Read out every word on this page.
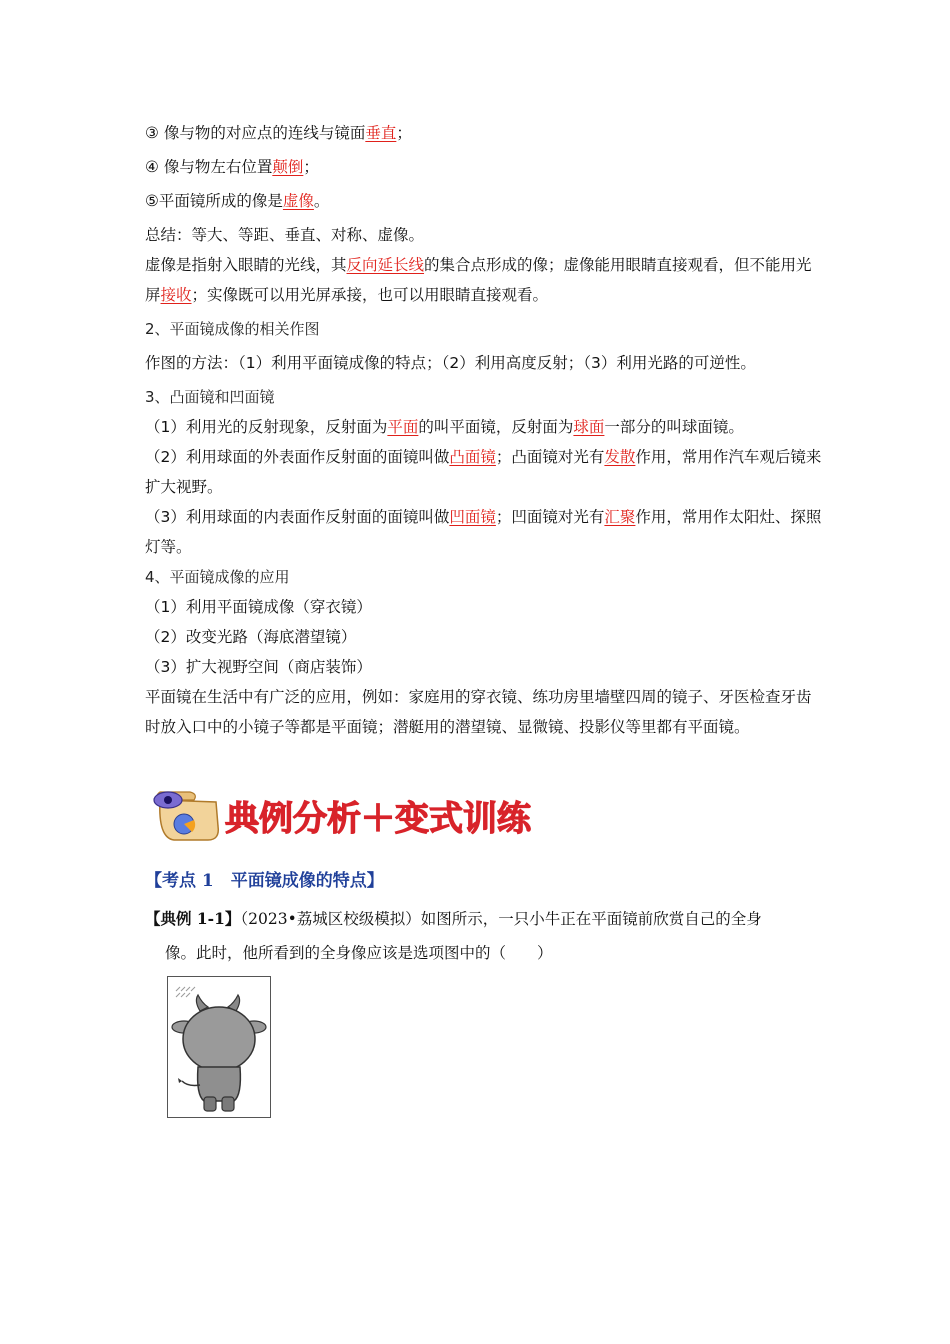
③ 像与物的对应点的连线与镜面垂直；

④ 像与物左右位置颠倒；

⑤平面镜所成的像是虚像。

总结：等大、等距、垂直、对称、虚像。

虚像是指射入眼睛的光线，其反向延长线的集合点形成的像；虚像能用眼睛直接观看，但不能用光屏接收；实像既可以用光屏承接，也可以用眼睛直接观看。

2、平面镜成像的相关作图

作图的方法：（1）利用平面镜成像的特点；（2）利用高度反射；（3）利用光路的可逆性。

3、凸面镜和凹面镜

（1）利用光的反射现象，反射面为平面的叫平面镜，反射面为球面一部分的叫球面镜。

（2）利用球面的外表面作反射面的面镜叫做凸面镜；凸面镜对光有发散作用，常用作汽车观后镜来扩大视野。

（3）利用球面的内表面作反射面的面镜叫做凹面镜；凹面镜对光有汇聚作用，常用作太阳灶、探照灯等。

4、平面镜成像的应用

（1）利用平面镜成像（穿衣镜）

（2）改变光路（海底潜望镜）

（3）扩大视野空间（商店装饰）

平面镜在生活中有广泛的应用，例如：家庭用的穿衣镜、练功房里墙壁四周的镜子、牙医检查牙齿时放入口中的小镜子等都是平面镜；潜艇用的潜望镜、显微镜、投影仪等里都有平面镜。

典例分析＋变式训练
【考点 1　平面镜成像的特点】
【典例 1-1】（2023•荔城区校级模拟）如图所示，一只小牛正在平面镜前欣赏自己的全身
像。此时，他所看到的全身像应该是选项图中的（　　）
